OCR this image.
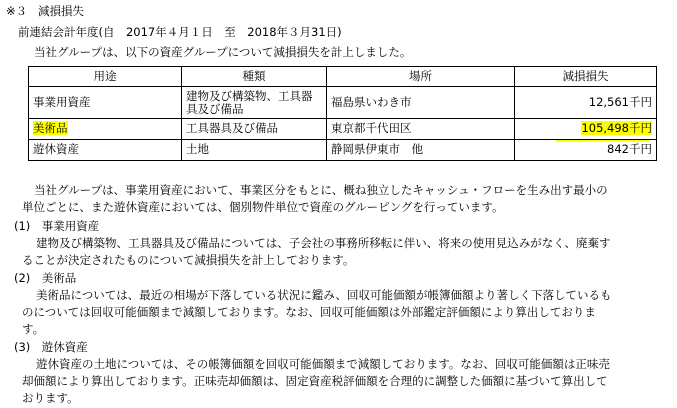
※３ 減損損失
前連結会計年度(自　2017年４月１日　至　2018年３月31日)
当社グループは、以下の資産グループについて減損損失を計上しました。
用途	種類	場所	減損損失
事業用資産	建物及び構築物、工具器具及び備品	福島県いわき市	12,561千円
美術品	工具器具及び備品	東京都千代田区	105,498千円
遊休資産	土地	静岡県伊東市　他	842千円
当社グループは、事業用資産において、事業区分をもとに、概ね独立したキャッシュ・フローを生み出す最小の
単位ごとに、また遊休資産においては、個別物件単位で資産のグルーピングを行っています。
(1)　事業用資産
建物及び構築物、工具器具及び備品については、子会社の事務所移転に伴い、将来の使用見込みがなく、廃棄す
ることが決定されたものについて減損損失を計上しております。
(2)　美術品
美術品については、最近の相場が下落している状況に鑑み、回収可能価額が帳簿価額より著しく下落しているも
のについては回収可能価額まで減額しております。なお、回収可能価額は外部鑑定評価額により算出しておりま
す。
(3)　遊休資産
遊休資産の土地については、その帳簿価額を回収可能価額まで減額しております。なお、回収可能価額は正味売
却価額により算出しております。正味売却価額は、固定資産税評価額を合理的に調整した価額に基づいて算出して
おります。
